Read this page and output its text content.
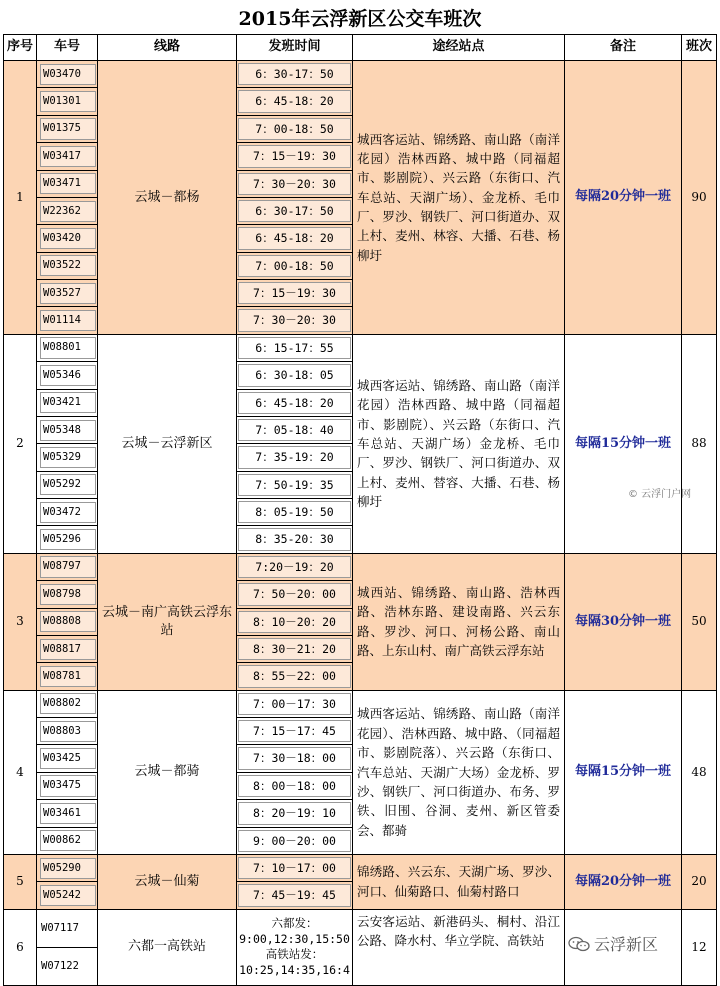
2015年云浮新区公交车班次
序号	车号	线路	发班时间	途经站点	备注	班次
1	W03470	云城－都杨	6：30-17：50	城西客运站、锦绣路、南山路（南洋花园）浩林西路、城中路（同福超市、影剧院）、兴云路（东街口、汽车总站、天湖广场）、金龙桥、毛巾厂、罗沙、钢铁厂、河口街道办、双上村、麦州、林容、大播、石巷、杨柳圩	每隔20分钟一班	90

	W01301		6：45-18：20			

	W01375		7：00-18：50			

	W03417		7：15－19：30			

	W03471		7：30－20：30			

	W22362		6：30-17：50			

	W03420		6：45-18：20			

	W03522		7：00-18：50			

	W03527		7：15－19：30			

	W01114		7：30－20：30			

2	W08801	云城－云浮新区	6：15-17：55	城西客运站、锦绣路、南山路（南洋花园）浩林西路、城中路（同福超市、影剧院）、兴云路（东街口、汽车总站、天湖广场）金龙桥、毛巾厂、罗沙、钢铁厂、河口街道办、双上村、麦州、替容、大播、石巷、杨柳圩	每隔15分钟一班	88

	W05346		6：30-18：05			

	W03421		6：45-18：20			

	W05348		7：05-18：40			

	W05329		7：35-19：20			

	W05292		7：50-19：35			

	W03472		8：05-19：50			

	W05296		8：35-20：30			

3	W08797	云城－南广高铁云浮东站	7:20－19：20	城西站、锦绣路、南山路、浩林西路、浩林东路、建设南路、兴云东路、罗沙、河口、河杨公路、南山路、上东山村、南广高铁云浮东站	每隔30分钟一班	50

	W08798		7：50－20：00			

	W08808		8：10－20：20			

	W08817		8：30－21：20			

	W08781		8：55－22：00			

4	W08802	云城－都骑	7：00－17：30	城西客运站、锦绣路、南山路（南洋花园）、浩林西路、城中路、（同福超市、影剧院落）、兴云路（东街口、汽车总站、天湖广大场）金龙桥、罗沙、钢铁厂、河口街道办、布务、罗铁、旧围、谷洞、麦州、新区管委会、都骑	每隔15分钟一班	48

	W08803		7：15－17：45			

	W03425		7：30－18：00			

	W03475		8：00－18：00			

	W03461		8：20－19：10			

	W00862		9：00－20：00			

5	W05290	云城－仙菊	7：10－17：00	锦绣路、兴云东、天湖广场、罗沙、河口、仙菊路口、仙菊村路口	每隔20分钟一班	20

	W05242		7：45－19：45			

6	W07117	六都一高铁站	六都发：
9:00,12:30,15:50
高铁站发：
10:25,14:35,16:4	云安客运站、新港码头、桐村、沿江公路、降水村、华立学院、高铁站		12

	W07122					
© 云浮门户网
云浮新区
